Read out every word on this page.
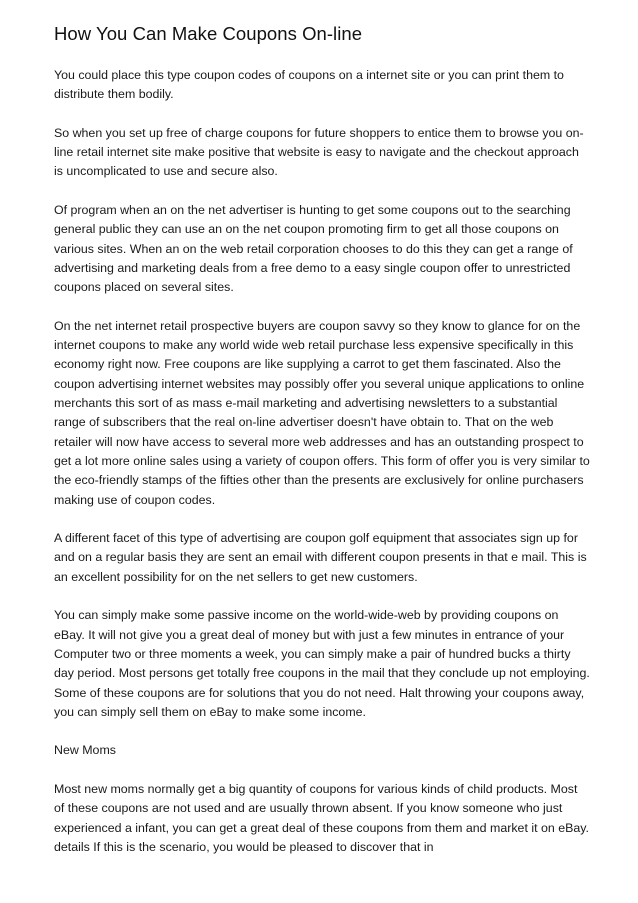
How You Can Make Coupons On-line

You could place this type coupon codes of coupons on a internet site or you can print them to distribute them bodily.

So when you set up free of charge coupons for future shoppers to entice them to browse you on-line retail internet site make positive that website is easy to navigate and the checkout approach is uncomplicated to use and secure also.

Of program when an on the net advertiser is hunting to get some coupons out to the searching general public they can use an on the net coupon promoting firm to get all those coupons on various sites. When an on the web retail corporation chooses to do this they can get a range of advertising and marketing deals from a free demo to a easy single coupon offer to unrestricted coupons placed on several sites.

On the net internet retail prospective buyers are coupon savvy so they know to glance for on the internet coupons to make any world wide web retail purchase less expensive specifically in this economy right now. Free coupons are like supplying a carrot to get them fascinated. Also the coupon advertising internet websites may possibly offer you several unique applications to online merchants this sort of as mass e-mail marketing and advertising newsletters to a substantial range of subscribers that the real on-line advertiser doesn't have obtain to. That on the web retailer will now have access to several more web addresses and has an outstanding prospect to get a lot more online sales using a variety of coupon offers. This form of offer you is very similar to the eco-friendly stamps of the fifties other than the presents are exclusively for online purchasers making use of coupon codes.

A different facet of this type of advertising are coupon golf equipment that associates sign up for and on a regular basis they are sent an email with different coupon presents in that e mail. This is an excellent possibility for on the net sellers to get new customers.

You can simply make some passive income on the world-wide-web by providing coupons on eBay. It will not give you a great deal of money but with just a few minutes in entrance of your Computer two or three moments a week, you can simply make a pair of hundred bucks a thirty day period. Most persons get totally free coupons in the mail that they conclude up not employing. Some of these coupons are for solutions that you do not need. Halt throwing your coupons away, you can simply sell them on eBay to make some income.

New Moms

Most new moms normally get a big quantity of coupons for various kinds of child products. Most of these coupons are not used and are usually thrown absent. If you know someone who just experienced a infant, you can get a great deal of these coupons from them and market it on eBay. details If this is the scenario, you would be pleased to discover that in
